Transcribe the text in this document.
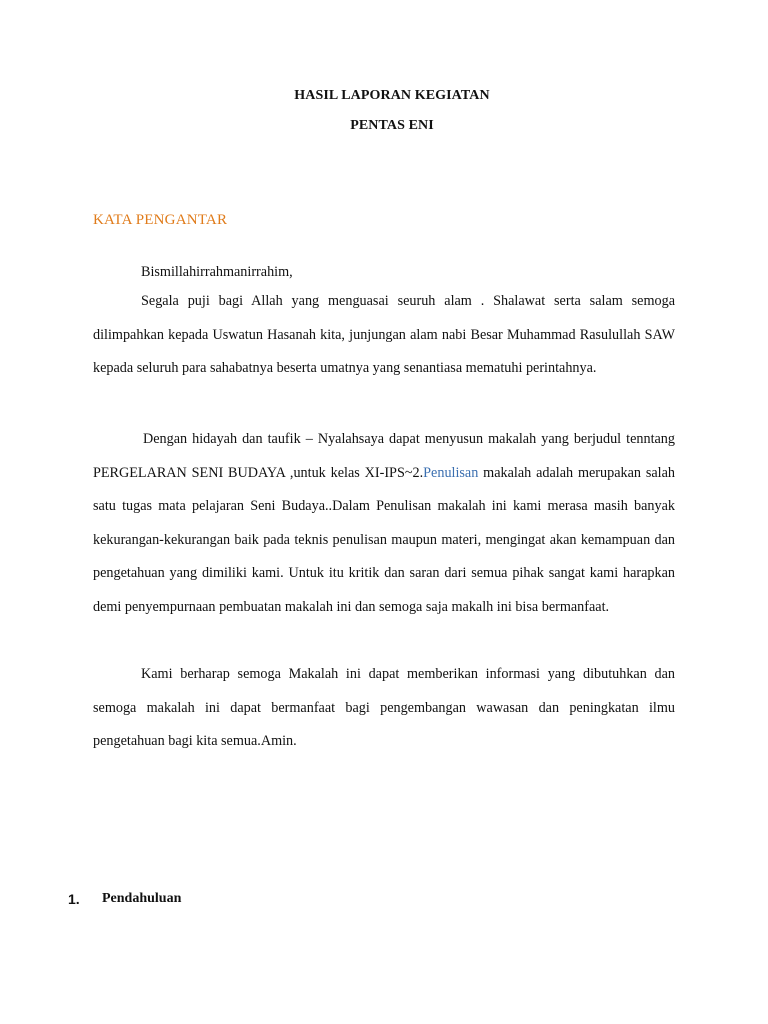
HASIL LAPORAN KEGIATAN
PENTAS ENI
KATA PENGANTAR

Bismillahirrahmanirrahim,

Segala puji bagi Allah yang menguasai seuruh alam . Shalawat serta salam semoga dilimpahkan kepada Uswatun Hasanah kita, junjungan alam nabi Besar Muhammad Rasulullah SAW kepada seluruh para sahabatnya beserta umatnya yang senantiasa mematuhi perintahnya.

Dengan hidayah dan taufik – Nyalahsaya dapat menyusun makalah yang berjudul tenntang PERGELARAN SENI BUDAYA ,untuk kelas XI-IPS~2.Penulisan makalah adalah merupakan salah satu tugas mata pelajaran Seni Budaya..Dalam Penulisan makalah ini kami merasa masih banyak kekurangan-kekurangan baik pada teknis penulisan maupun materi, mengingat akan kemampuan dan pengetahuan yang dimiliki kami. Untuk itu kritik dan saran dari semua pihak sangat kami harapkan demi penyempurnaan pembuatan makalah ini dan semoga saja makalh ini bisa bermanfaat.

Kami berharap semoga Makalah ini dapat memberikan informasi yang dibutuhkan dan semoga makalah ini dapat bermanfaat bagi pengembangan wawasan dan peningkatan ilmu pengetahuan bagi kita semua.Amin.

1. Pendahuluan
